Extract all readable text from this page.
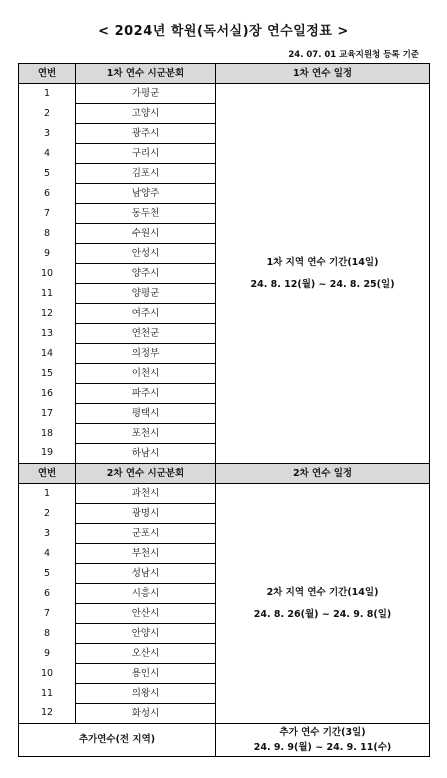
< 2024년 학원(독서실)장 연수일정표 >
24. 07. 01 교육지원청 등록 기준
연번	1차 연수 시군분회	1차 연수 일정
1	가평군	1차 지역 연수 기간(14일)
24. 8. 12(월) ~ 24. 8. 25(일)

2	고양시	
3	광주시	
4	구리시	
5	김포시	
6	남양주	
7	동두천	
8	수원시	
9	안성시	
10	양주시	
11	양평군	
12	여주시	
13	연천군	
14	의정부	
15	이천시	
16	파주시	
17	평택시	
18	포천시	
19	하남시	
연번	2차 연수 시군분회	2차 연수 일정
1	과천시	2차 지역 연수 기간(14일)
24. 8. 26(월) ~ 24. 9. 8(일)

2	광명시	
3	군포시	
4	부천시	
5	성남시	
6	시흥시	
7	안산시	
8	안양시	
9	오산시	
10	용인시	
11	의왕시	
12	화성시	
추가연수(전 지역)		추가 연수 기간(3일)
24. 9. 9(월) ~ 24. 9. 11(수)
